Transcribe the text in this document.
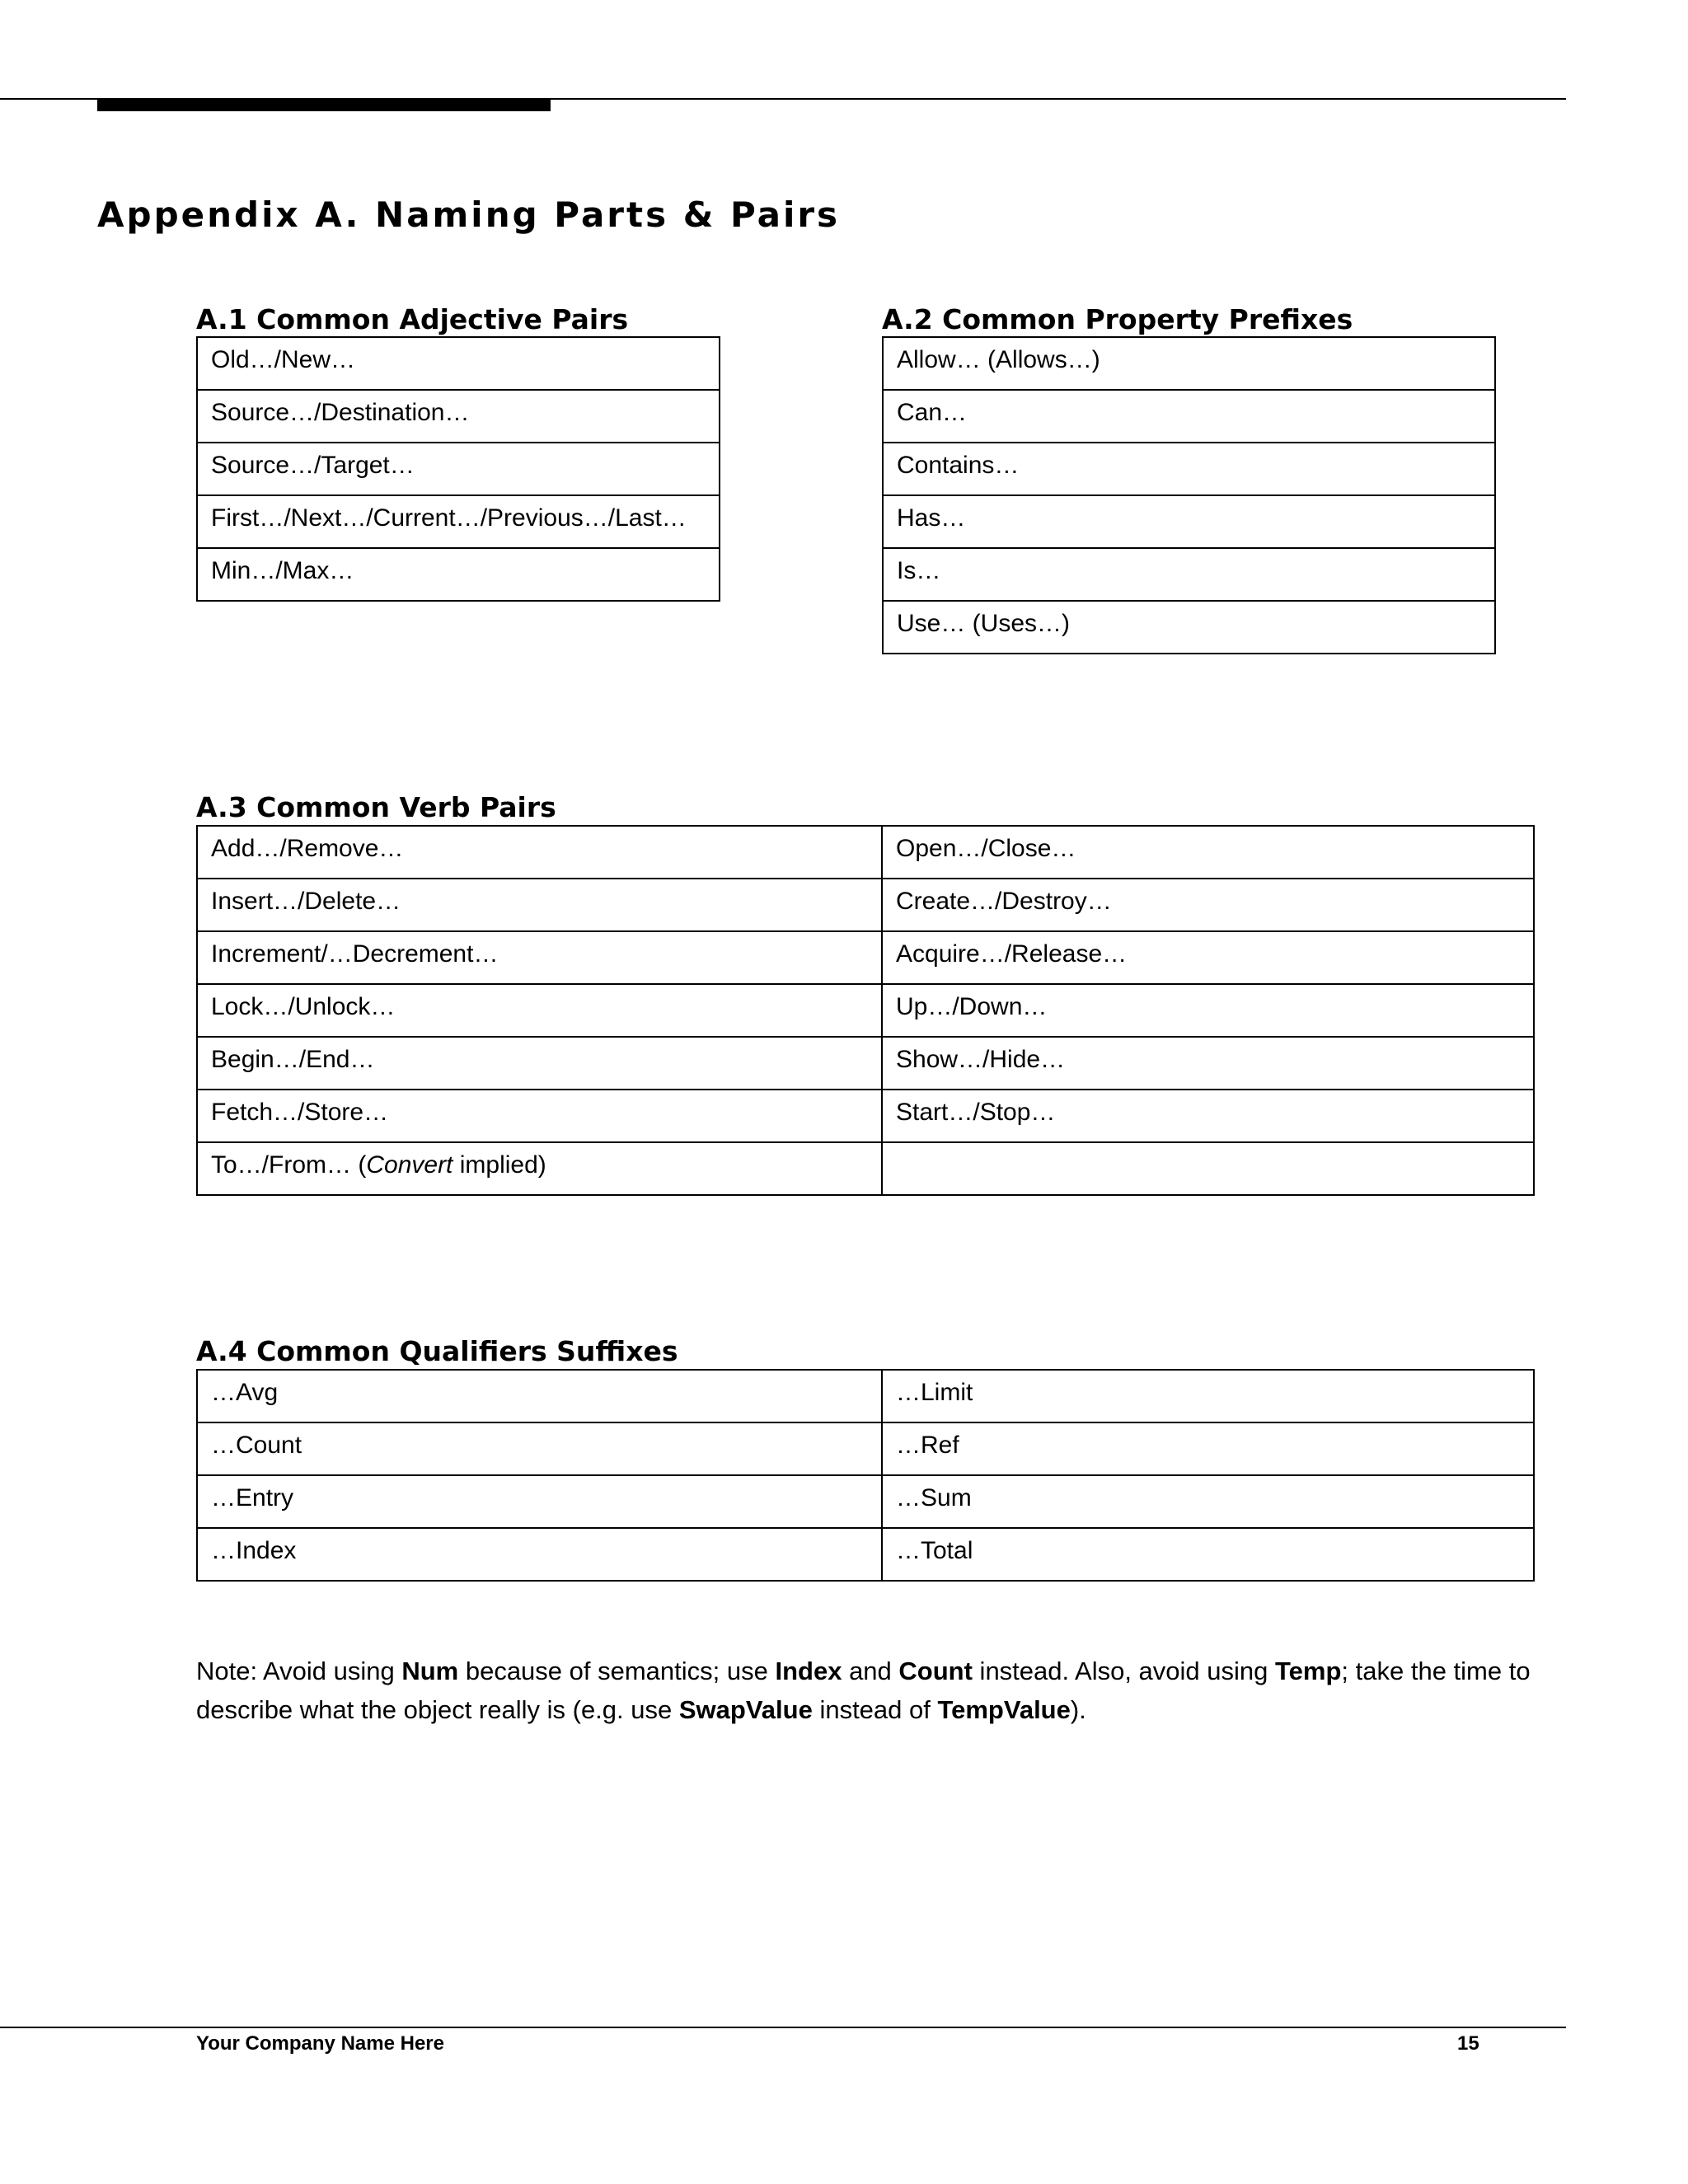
Appendix A. Naming Parts & Pairs
A.1 Common Adjective Pairs
Old…/New…
Source…/Destination…
Source…/Target…
First…/Next…/Current…/Previous…/Last…
Min…/Max…
A.2 Common Property Prefixes
Allow… (Allows…)
Can…
Contains…
Has…
Is…
Use… (Uses…)
A.3 Common Verb Pairs
Add…/Remove…	Open…/Close…
Insert…/Delete…	Create…/Destroy…
Increment/…Decrement…	Acquire…/Release…
Lock…/Unlock…	Up…/Down…
Begin…/End…	Show…/Hide…
Fetch…/Store…	Start…/Stop…
To…/From… (Convert implied)	
A.4 Common Qualifiers Suffixes
…Avg	…Limit
…Count	…Ref
…Entry	…Sum
…Index	…Total

Note: Avoid using Num because of semantics; use Index and Count instead. Also, avoid using Temp; take the time to describe what the object really is (e.g. use SwapValue instead of TempValue).

Your Company Name Here	15
